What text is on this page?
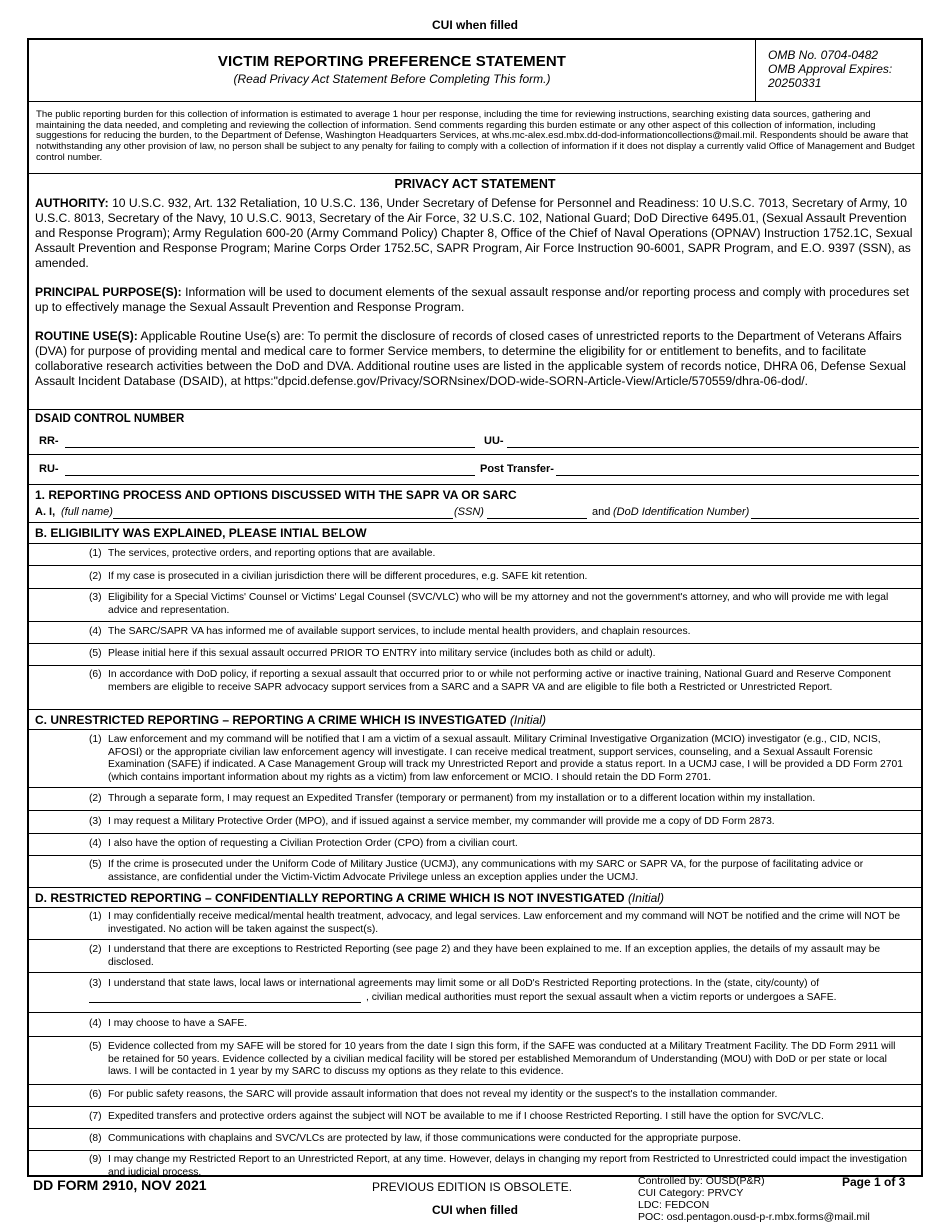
CUI when filled
VICTIM REPORTING PREFERENCE STATEMENT
(Read Privacy Act Statement Before Completing This form.)
OMB No. 0704-0482
OMB Approval Expires:
20250331
The public reporting burden for this collection of information is estimated to average 1 hour per response, including the time for reviewing instructions, searching existing data sources, gathering and maintaining the data needed, and completing and reviewing the collection of information. Send comments regarding this burden estimate or any other aspect of this collection of information, including suggestions for reducing the burden, to the Department of Defense, Washington Headquarters Services, at whs.mc-alex.esd.mbx.dd-dod-informationcollections@mail.mil. Respondents should be aware that notwithstanding any other provision of law, no person shall be subject to any penalty for failing to comply with a collection of information if it does not display a currently valid Office of Management and Budget control number.
PRIVACY ACT STATEMENT

AUTHORITY: 10 U.S.C. 932, Art. 132 Retaliation, 10 U.S.C. 136, Under Secretary of Defense for Personnel and Readiness: 10 U.S.C. 7013, Secretary of Army, 10 U.S.C. 8013, Secretary of the Navy, 10 U.S.C. 9013, Secretary of the Air Force, 32 U.S.C. 102, National Guard; DoD Directive 6495.01, (Sexual Assault Prevention and Response Program); Army Regulation 600-20 (Army Command Policy) Chapter 8, Office of the Chief of Naval Operations (OPNAV) Instruction 1752.1C, Sexual Assault Prevention and Response Program; Marine Corps Order 1752.5C, SAPR Program, Air Force Instruction 90-6001, SAPR Program, and E.O. 9397 (SSN), as amended.

PRINCIPAL PURPOSE(S): Information will be used to document elements of the sexual assault response and/or reporting process and comply with procedures set up to effectively manage the Sexual Assault Prevention and Response Program.

ROUTINE USE(S): Applicable Routine Use(s) are: To permit the disclosure of records of closed cases of unrestricted reports to the Department of Veterans Affairs (DVA) for purpose of providing mental and medical care to former Service members, to determine the eligibility for or entitlement to benefits, and to facilitate collaborative research activities between the DoD and DVA. Additional routine uses are listed in the applicable system of records notice, DHRA 06, Defense Sexual Assault Incident Database (DSAID), at https:"dpcid.defense.gov/Privacy/SORNsinex/DOD-wide-SORN-Article-View/Article/570559/dhra-06-dod/.

DSAID CONTROL NUMBER
RR-	UU-
RU-	Post Transfer-
1. REPORTING PROCESS AND OPTIONS DISCUSSED WITH THE SAPR VA OR SARC
A. I, (full name)	(SSN)	and (DoD Identification Number)
B. ELIGIBILITY WAS EXPLAINED, PLEASE INTIAL BELOW
(1) The services, protective orders, and reporting options that are available.
(2) If my case is prosecuted in a civilian jurisdiction there will be different procedures, e.g. SAFE kit retention.
(3) Eligibility for a Special Victims' Counsel or Victims' Legal Counsel (SVC/VLC) who will be my attorney and not the government's attorney, and who will provide me with legal advice and representation.
(4) The SARC/SAPR VA has informed me of available support services, to include mental health providers, and chaplain resources.
(5) Please initial here if this sexual assault occurred PRIOR TO ENTRY into military service (includes both as child or adult).
(6) In accordance with DoD policy, if reporting a sexual assault that occurred prior to or while not performing active or inactive training, National Guard and Reserve Component members are eligible to receive SAPR advocacy support services from a SARC and a SAPR VA and are eligible to file both a Restricted or Unrestricted Report.
C. UNRESTRICTED REPORTING – REPORTING A CRIME WHICH IS INVESTIGATED (Initial)
(1) Law enforcement and my command will be notified that I am a victim of a sexual assault. Military Criminal Investigative Organization (MCIO) investigator (e.g., CID, NCIS, AFOSI) or the appropriate civilian law enforcement agency will investigate. I can receive medical treatment, support services, counseling, and a Sexual Assault Forensic Examination (SAFE) if indicated. A Case Management Group will track my Unrestricted Report and provide a status report. In a UCMJ case, I will be provided a DD Form 2701 (which contains important information about my rights as a victim) from law enforcement or MCIO. I should retain the DD Form 2701.
(2) Through a separate form, I may request an Expedited Transfer (temporary or permanent) from my installation or to a different location within my installation.
(3) I may request a Military Protective Order (MPO), and if issued against a service member, my commander will provide me a copy of DD Form 2873.
(4) I also have the option of requesting a Civilian Protection Order (CPO) from a civilian court.
(5) If the crime is prosecuted under the Uniform Code of Military Justice (UCMJ), any communications with my SARC or SAPR VA, for the purpose of facilitating advice or assistance, are confidential under the Victim-Victim Advocate Privilege unless an exception applies under the UCMJ.
D. RESTRICTED REPORTING – CONFIDENTIALLY REPORTING A CRIME WHICH IS NOT INVESTIGATED (Initial)
(1) I may confidentially receive medical/mental health treatment, advocacy, and legal services. Law enforcement and my command will NOT be notified and the crime will NOT be investigated. No action will be taken against the suspect(s).
(2) I understand that there are exceptions to Restricted Reporting (see page 2) and they have been explained to me. If an exception applies, the details of my assault may be disclosed.
(3) I understand that state laws, local laws or international agreements may limit some or all DoD's Restricted Reporting protections. In the (state, city/county) of
, civilian medical authorities must report the sexual assault when a victim reports or undergoes a SAFE.
(4) I may choose to have a SAFE.
(5) Evidence collected from my SAFE will be stored for 10 years from the date I sign this form, if the SAFE was conducted at a Military Treatment Facility. The DD Form 2911 will be retained for 50 years. Evidence collected by a civilian medical facility will be stored per established Memorandum of Understanding (MOU) with DoD or per state or local laws. I will be contacted in 1 year by my SARC to discuss my options as they relate to this evidence.
(6) For public safety reasons, the SARC will provide assault information that does not reveal my identity or the suspect's to the installation commander.
(7) Expedited transfers and protective orders against the subject will NOT be available to me if I choose Restricted Reporting. I still have the option for SVC/VLC.
(8) Communications with chaplains and SVC/VLCs are protected by law, if those communications were conducted for the appropriate purpose.
(9) I may change my Restricted Report to an Unrestricted Report, at any time. However, delays in changing my report from Restricted to Unrestricted could impact the investigation and judicial process.
DD FORM 2910, NOV 2021	PREVIOUS EDITION IS OBSOLETE.	Controlled by: OUSD(P&R)
CUI Category: PRVCY
LDC: FEDCON
POC: osd.pentagon.ousd-p-r.mbx.forms@mail.mil
Page 1 of 3
CUI when filled
